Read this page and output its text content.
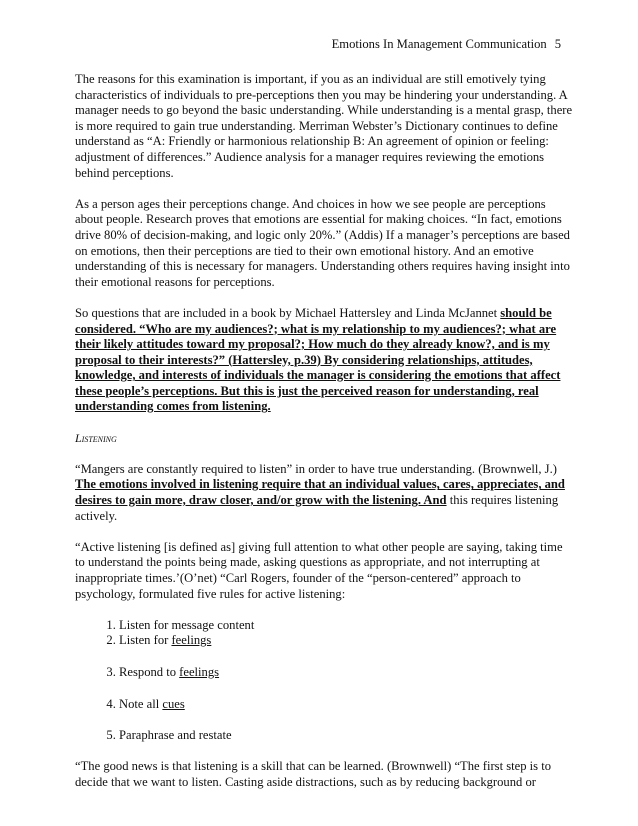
Emotions In Management Communication 5

The reasons for this examination is important, if you as an individual are still emotively tying characteristics of individuals to pre-perceptions then you may be hindering your understanding. A manager needs to go beyond the basic understanding. While understanding is a mental grasp, there is more required to gain true understanding. Merriman Webster’s Dictionary continues to define understand as “A: Friendly or harmonious relationship B: An agreement of opinion or feeling: adjustment of differences.” Audience analysis for a manager requires reviewing the emotions behind perceptions.

As a person ages their perceptions change. And choices in how we see people are perceptions about people. Research proves that emotions are essential for making choices. “In fact, emotions drive 80% of decision-making, and logic only 20%.” (Addis) If a manager’s perceptions are based on emotions, then their perceptions are tied to their own emotional history. And an emotive understanding of this is necessary for managers. Understanding others requires having insight into their emotional reasons for perceptions.

So questions that are included in a book by Michael Hattersley and Linda McJannet should be considered. “Who are my audiences?; what is my relationship to my audiences?; what are their likely attitudes toward my proposal?; How much do they already know?, and is my proposal to their interests?” (Hattersley, p.39) By considering relationships, attitudes, knowledge, and interests of individuals the manager is considering the emotions that affect these people’s perceptions. But this is just the perceived reason for understanding, real understanding comes from listening.

Listening

“Mangers are constantly required to listen” in order to have true understanding. (Brownwell, J.) The emotions involved in listening require that an individual values, cares, appreciates, and desires to gain more, draw closer, and/or grow with the listening. And this requires listening actively.

“Active listening [is defined as] giving full attention to what other people are saying, taking time to understand the points being made, asking questions as appropriate, and not interrupting at inappropriate times.’(O’net) “Carl Rogers, founder of the “person-centered” approach to psychology, formulated five rules for active listening:

1. Listen for message content
2. Listen for feelings
3. Respond to feelings
4. Note all cues
5. Paraphrase and restate

“The good news is that listening is a skill that can be learned. (Brownwell) “The first step is to decide that we want to listen. Casting aside distractions, such as by reducing background or
